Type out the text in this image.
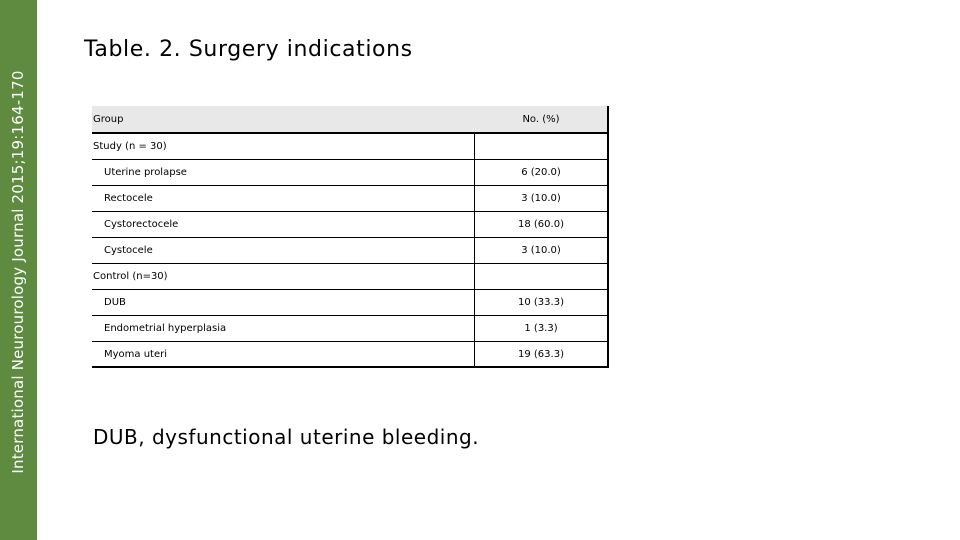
International Neurourology Journal 2015;19:164-170
Table. 2. Surgery indications
Group	No. (%)
Study (n = 30)
Uterine prolapse	6 (20.0)
Rectocele	3 (10.0)
Cystorectocele	18 (60.0)
Cystocele	3 (10.0)
Control (n=30)
DUB	10 (33.3)
Endometrial hyperplasia	1 (3.3)
Myoma uteri	19 (63.3)
DUB, dysfunctional uterine bleeding.
